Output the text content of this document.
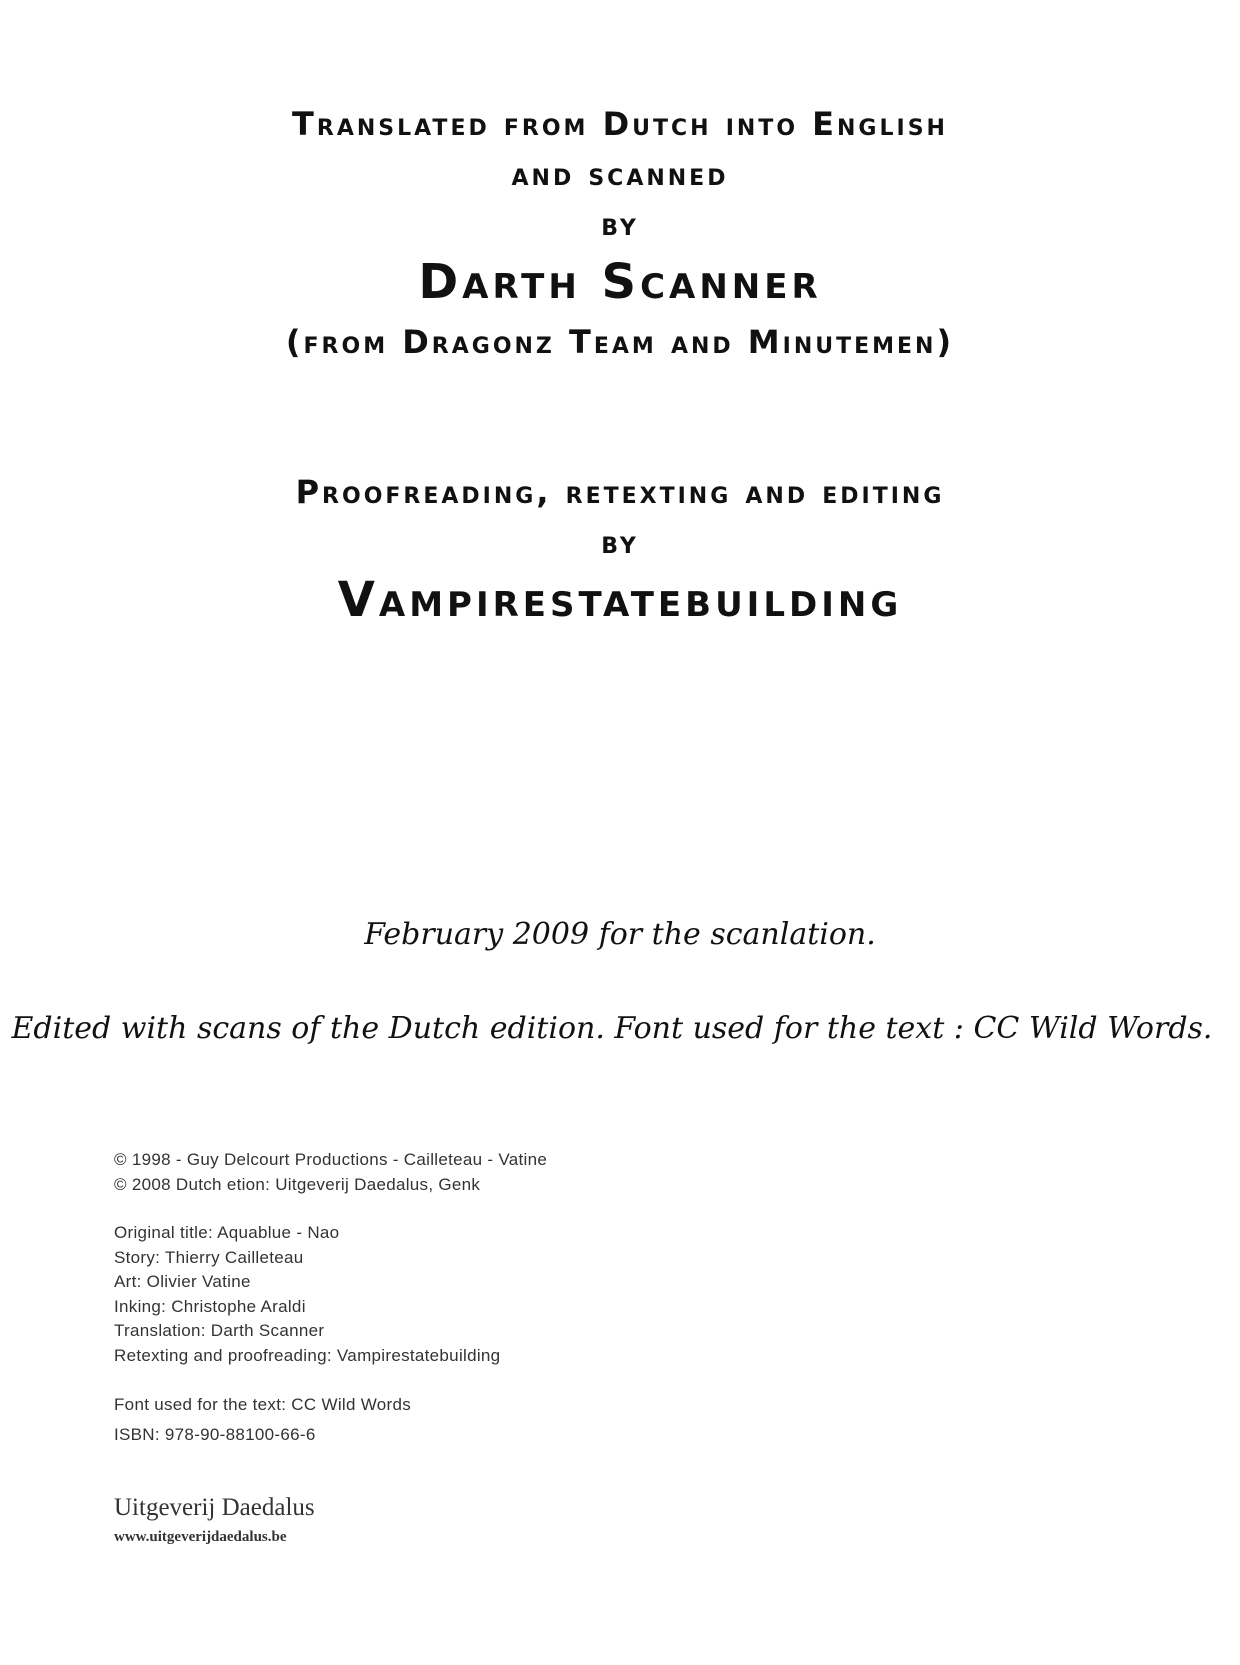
Translated from Dutch into English

and scanned

by

Darth Scanner

(from Dragonz Team and Minutemen)

Proofreading, retexting and editing

by

Vampirestatebuilding

February 2009 for the scanlation.

Edited with scans of the Dutch edition. Font used for the text : CC Wild Words.

© 1998 - Guy Delcourt Productions - Cailleteau - Vatine
© 2008 Dutch etion: Uitgeverij Daedalus, Genk
Original title: Aquablue - Nao
Story: Thierry Cailleteau
Art: Olivier Vatine
Inking: Christophe Araldi
Translation: Darth Scanner
Retexting and proofreading: Vampirestatebuilding
Font used for the text: CC Wild Words
ISBN: 978-90-88100-66-6

Uitgeverij Daedalus

www.uitgeverijdaedalus.be
